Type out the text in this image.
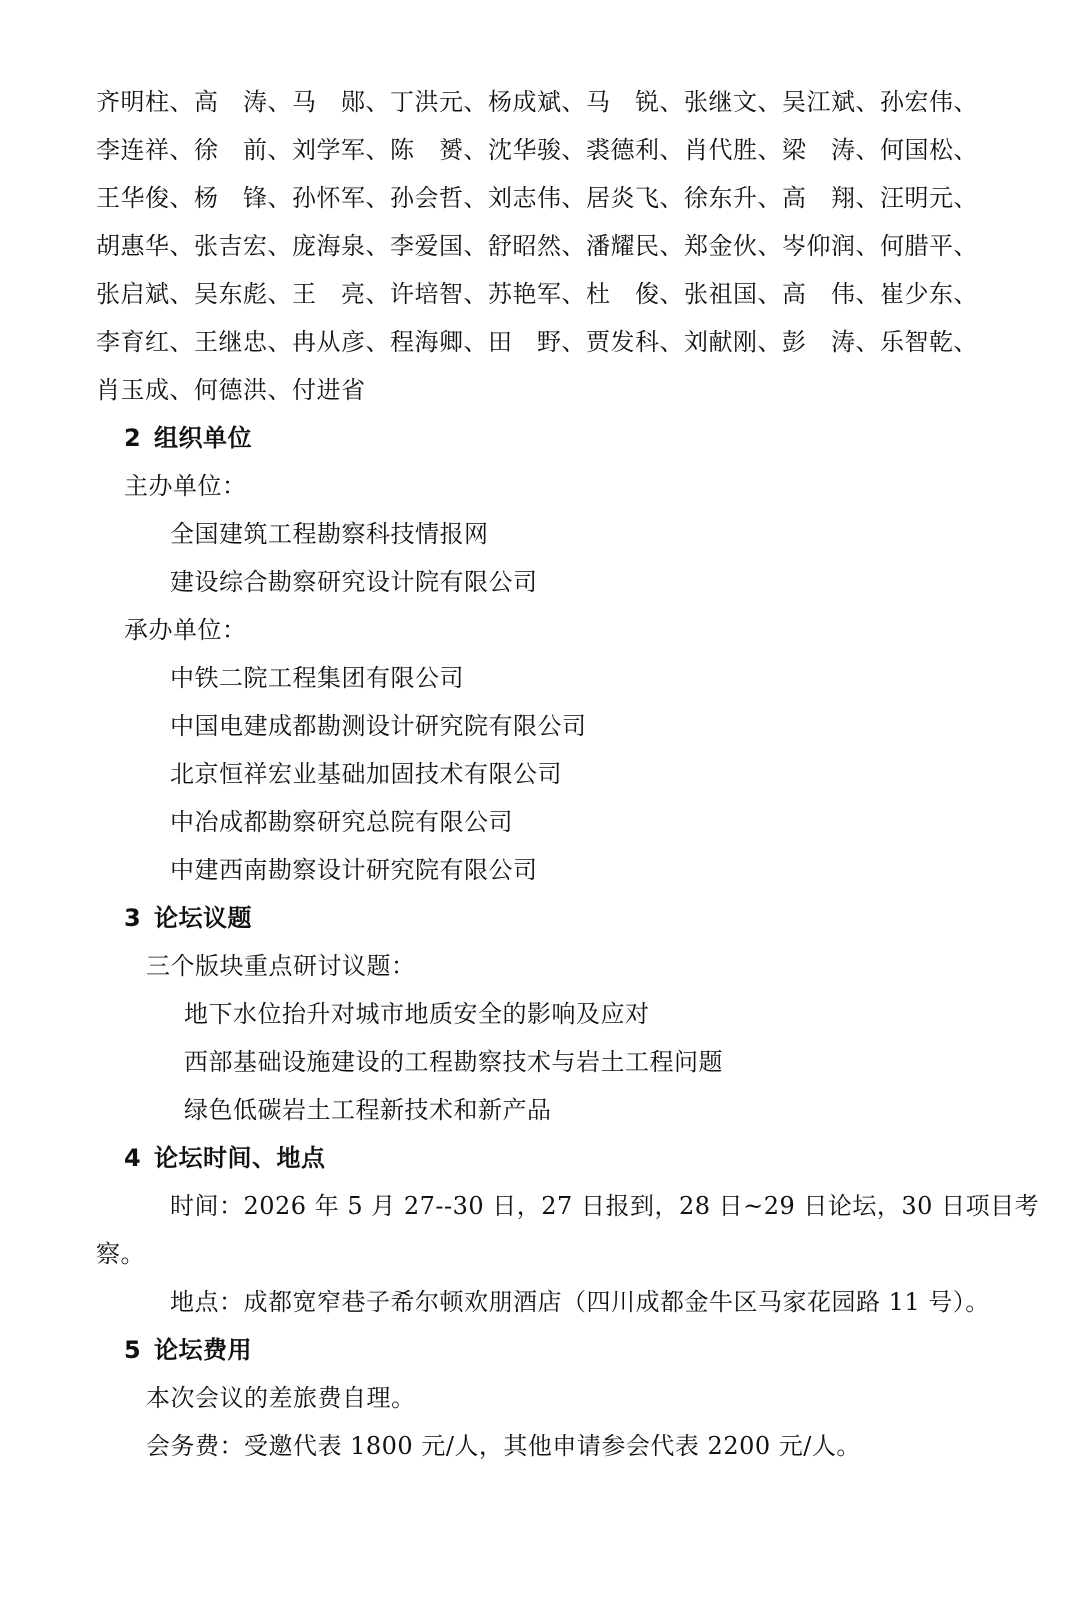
齐明柱、高　涛、马　郧、丁洪元、杨成斌、马　锐、张继文、吴江斌、孙宏伟、
李连祥、徐　前、刘学军、陈　赟、沈华骏、裘德利、肖代胜、梁　涛、何国松、
王华俊、杨　锋、孙怀军、孙会哲、刘志伟、居炎飞、徐东升、高　翔、汪明元、
胡惠华、张吉宏、庞海泉、李爱国、舒昭然、潘耀民、郑金伙、岑仰润、何腊平、
张启斌、吴东彪、王　亮、许培智、苏艳军、杜　俊、张祖国、高　伟、崔少东、
李育红、王继忠、冉从彦、程海卿、田　野、贾发科、刘献刚、彭　涛、乐智乾、
肖玉成、何德洪、付进省
2 组织单位
主办单位：
全国建筑工程勘察科技情报网
建设综合勘察研究设计院有限公司
承办单位：
中铁二院工程集团有限公司
中国电建成都勘测设计研究院有限公司
北京恒祥宏业基础加固技术有限公司
中冶成都勘察研究总院有限公司
中建西南勘察设计研究院有限公司
3 论坛议题
三个版块重点研讨议题：
地下水位抬升对城市地质安全的影响及应对
西部基础设施建设的工程勘察技术与岩土工程问题
绿色低碳岩土工程新技术和新产品
4 论坛时间、地点
时间：2026 年 5 月 27--30 日，27 日报到，28 日~29 日论坛，30 日项目考
察。
地点：成都宽窄巷子希尔顿欢朋酒店（四川成都金牛区马家花园路 11 号）。
5 论坛费用
本次会议的差旅费自理。
会务费：受邀代表 1800 元/人，其他申请参会代表 2200 元/人。
